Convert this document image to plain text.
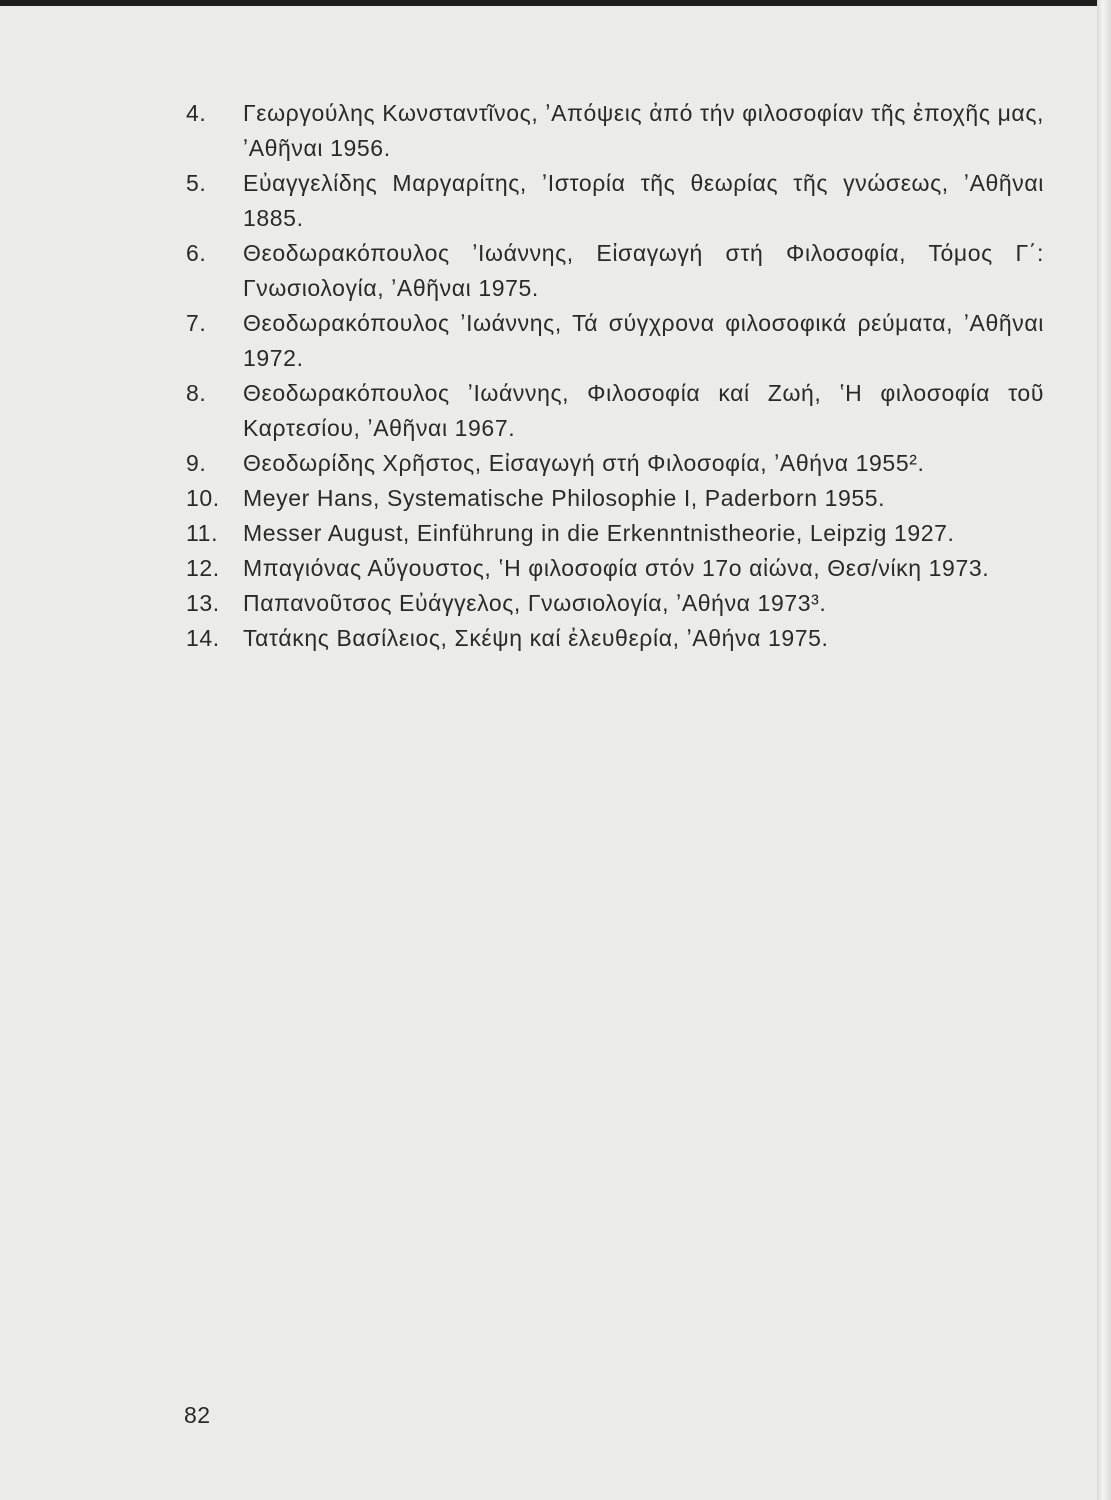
4.	Γεωργούλης Κωνσταντῖνος, ʼΑπόψεις ἀπό τήν φιλοσοφίαν τῆς ἐποχῆς μας, ʼΑθῆναι 1956.
5.	Εὐαγγελίδης Μαργαρίτης, ʼΙστορία τῆς θεωρίας τῆς γνώσεως, ʼΑθῆναι 1885.
6.	Θεοδωρακόπουλος ʼΙωάννης, Εἰσαγωγή στή Φιλοσοφία, Τόμος Γ΄: Γνωσιολογία, ʼΑθῆναι 1975.
7.	Θεοδωρακόπουλος ʼΙωάννης, Τά σύγχρονα φιλοσοφικά ρεύματα, ʼΑθῆναι 1972.
8.	Θεοδωρακόπουλος ʼΙωάννης, Φιλοσοφία καί Ζωή, ʽΗ φιλοσοφία τοῦ Καρτεσίου, ʼΑθῆναι 1967.
9.	Θεοδωρίδης Χρῆστος, Εἰσαγωγή στή Φιλοσοφία, ʼΑθήνα 1955².
10. Meyer Hans, Systematische Philosophie I, Paderborn 1955.
11. Messer August, Einführung in die Erkenntnistheorie, Leipzig 1927.
12. Μπαγιόνας Αὔγουστος, ʽΗ φιλοσοφία στόν 17ο αἰώνα, Θεσ/νίκη 1973.
13. Παπανοῦτσος Εὐάγγελος, Γνωσιολογία, ʼΑθήνα 1973³.
14. Τατάκης Βασίλειος, Σκέψη καί ἐλευθερία, ʼΑθήνα 1975.
82
